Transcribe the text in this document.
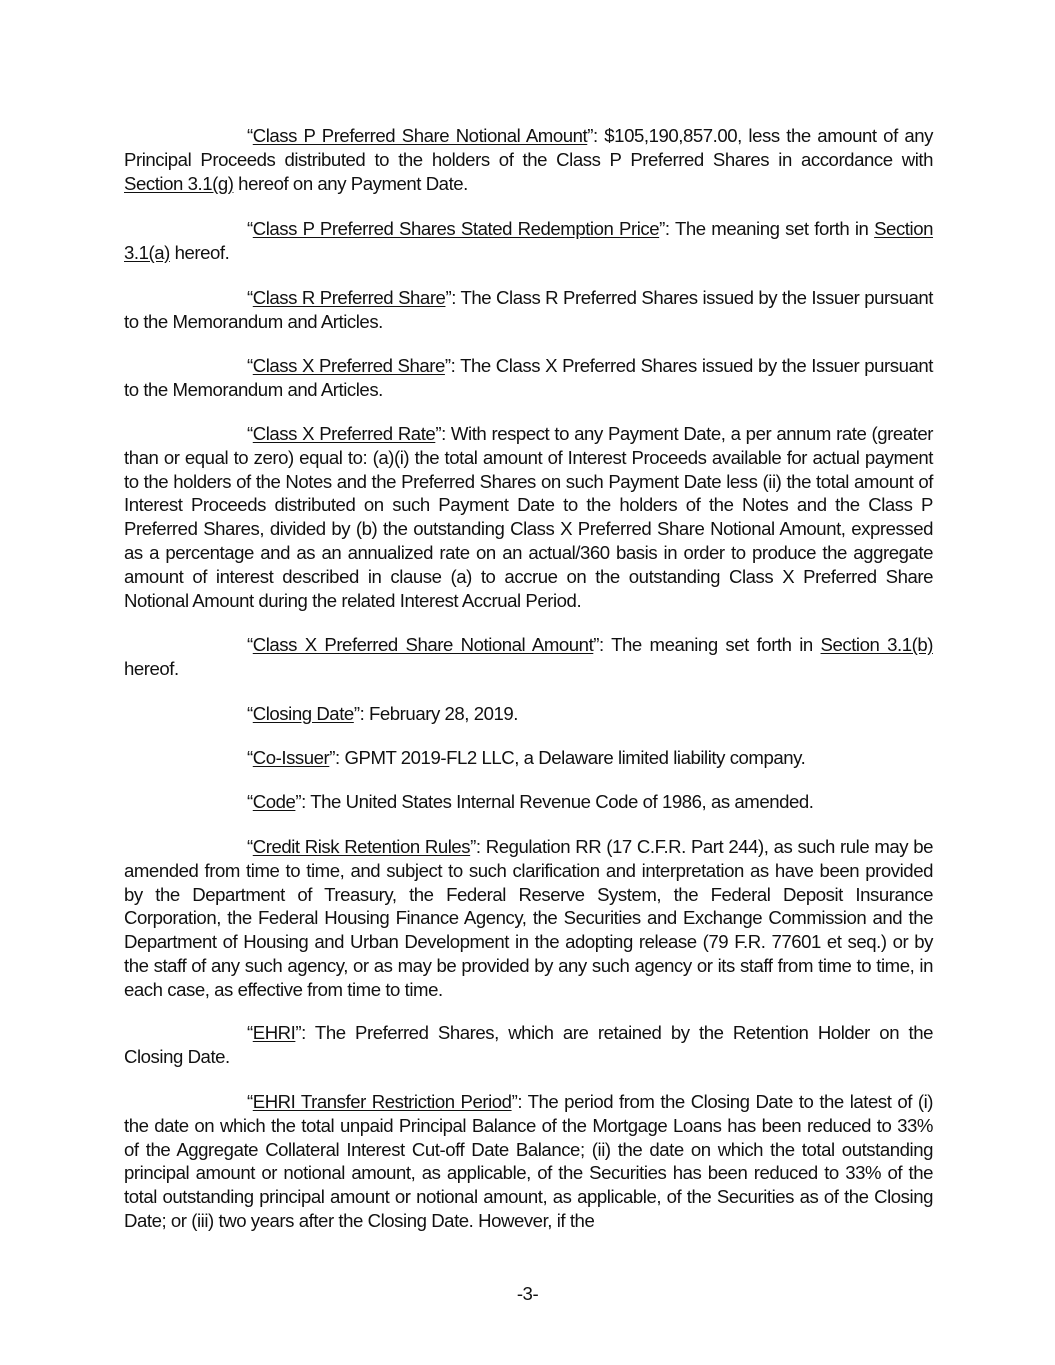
“Class P Preferred Share Notional Amount”: $105,190,857.00, less the amount of any Principal Proceeds distributed to the holders of the Class P Preferred Shares in accordance with Section 3.1(g) hereof on any Payment Date.

“Class P Preferred Shares Stated Redemption Price”: The meaning set forth in Section 3.1(a) hereof.

“Class R Preferred Share”: The Class R Preferred Shares issued by the Issuer pursuant to the Memorandum and Articles.

“Class X Preferred Share”: The Class X Preferred Shares issued by the Issuer pursuant to the Memorandum and Articles.

“Class X Preferred Rate”: With respect to any Payment Date, a per annum rate (greater than or equal to zero) equal to: (a)(i) the total amount of Interest Proceeds available for actual payment to the holders of the Notes and the Preferred Shares on such Payment Date less (ii) the total amount of Interest Proceeds distributed on such Payment Date to the holders of the Notes and the Class P Preferred Shares, divided by (b) the outstanding Class X Preferred Share Notional Amount, expressed as a percentage and as an annualized rate on an actual/360 basis in order to produce the aggregate amount of interest described in clause (a) to accrue on the outstanding Class X Preferred Share Notional Amount during the related Interest Accrual Period.

“Class X Preferred Share Notional Amount”: The meaning set forth in Section 3.1(b) hereof.

“Closing Date”: February 28, 2019.

“Co-Issuer”: GPMT 2019-FL2 LLC, a Delaware limited liability company.

“Code”: The United States Internal Revenue Code of 1986, as amended.

“Credit Risk Retention Rules”: Regulation RR (17 C.F.R. Part 244), as such rule may be amended from time to time, and subject to such clarification and interpretation as have been provided by the Department of Treasury, the Federal Reserve System, the Federal Deposit Insurance Corporation, the Federal Housing Finance Agency, the Securities and Exchange Commission and the Department of Housing and Urban Development in the adopting release (79 F.R. 77601 et seq.) or by the staff of any such agency, or as may be provided by any such agency or its staff from time to time, in each case, as effective from time to time.

“EHRI”: The Preferred Shares, which are retained by the Retention Holder on the Closing Date.

“EHRI Transfer Restriction Period”: The period from the Closing Date to the latest of (i) the date on which the total unpaid Principal Balance of the Mortgage Loans has been reduced to 33% of the Aggregate Collateral Interest Cut-off Date Balance; (ii) the date on which the total outstanding principal amount or notional amount, as applicable, of the Securities has been reduced to 33% of the total outstanding principal amount or notional amount, as applicable, of the Securities as of the Closing Date; or (iii) two years after the Closing Date. However, if the

-3-
